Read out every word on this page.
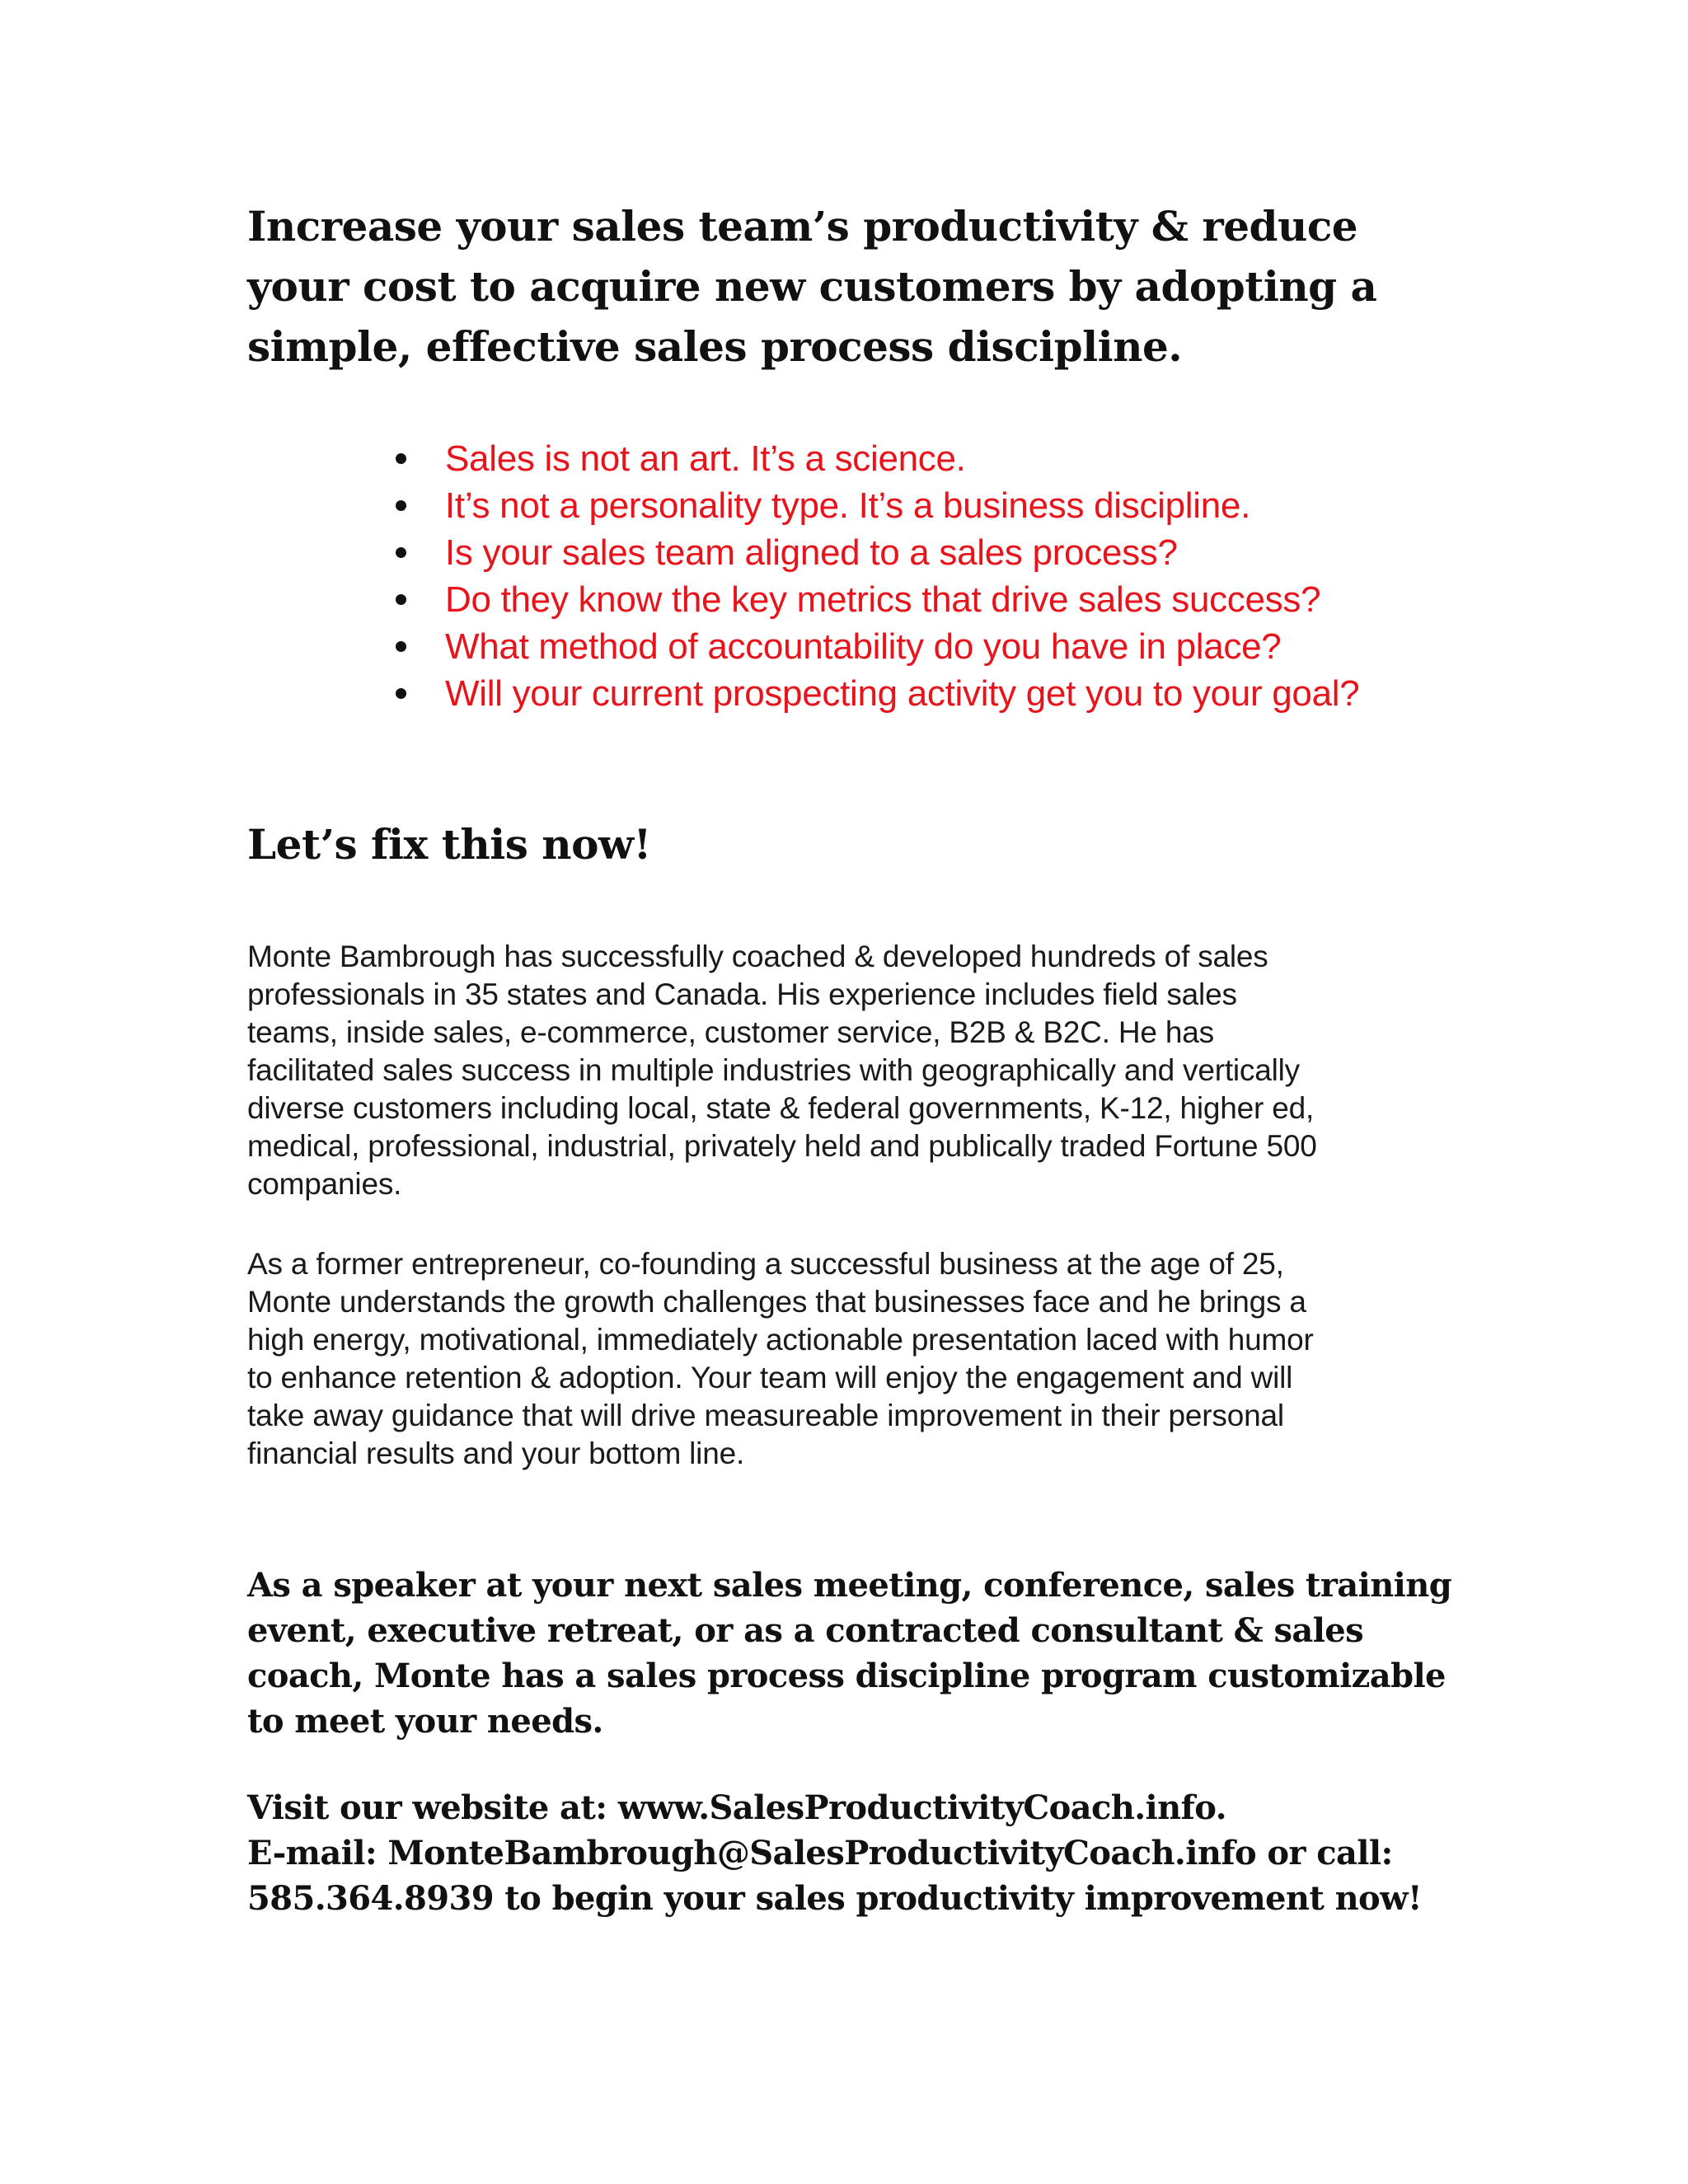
Increase your sales team’s productivity & reduce
your cost to acquire new customers by adopting a
simple, effective sales process discipline.
Sales is not an art. It’s a science.
It’s not a personality type. It’s a business discipline.
Is your sales team aligned to a sales process?
Do they know the key metrics that drive sales success?
What method of accountability do you have in place?
Will your current prospecting activity get you to your goal?
Let’s fix this now!

Monte Bambrough has successfully coached & developed hundreds of sales
professionals in 35 states and Canada. His experience includes field sales
teams, inside sales, e-commerce, customer service, B2B & B2C. He has
facilitated sales success in multiple industries with geographically and vertically
diverse customers including local, state & federal governments, K-12, higher ed,
medical, professional, industrial, privately held and publically traded Fortune 500
companies.

As a former entrepreneur, co-founding a successful business at the age of 25,
Monte understands the growth challenges that businesses face and he brings a
high energy, motivational, immediately actionable presentation laced with humor
to enhance retention & adoption. Your team will enjoy the engagement and will
take away guidance that will drive measureable improvement in their personal
financial results and your bottom line.

As a speaker at your next sales meeting, conference, sales training
event, executive retreat, or as a contracted consultant & sales
coach, Monte has a sales process discipline program customizable
to meet your needs.

Visit our website at: www.SalesProductivityCoach.info.
E-mail: MonteBambrough@SalesProductivityCoach.info or call:
585.364.8939 to begin your sales productivity improvement now!
